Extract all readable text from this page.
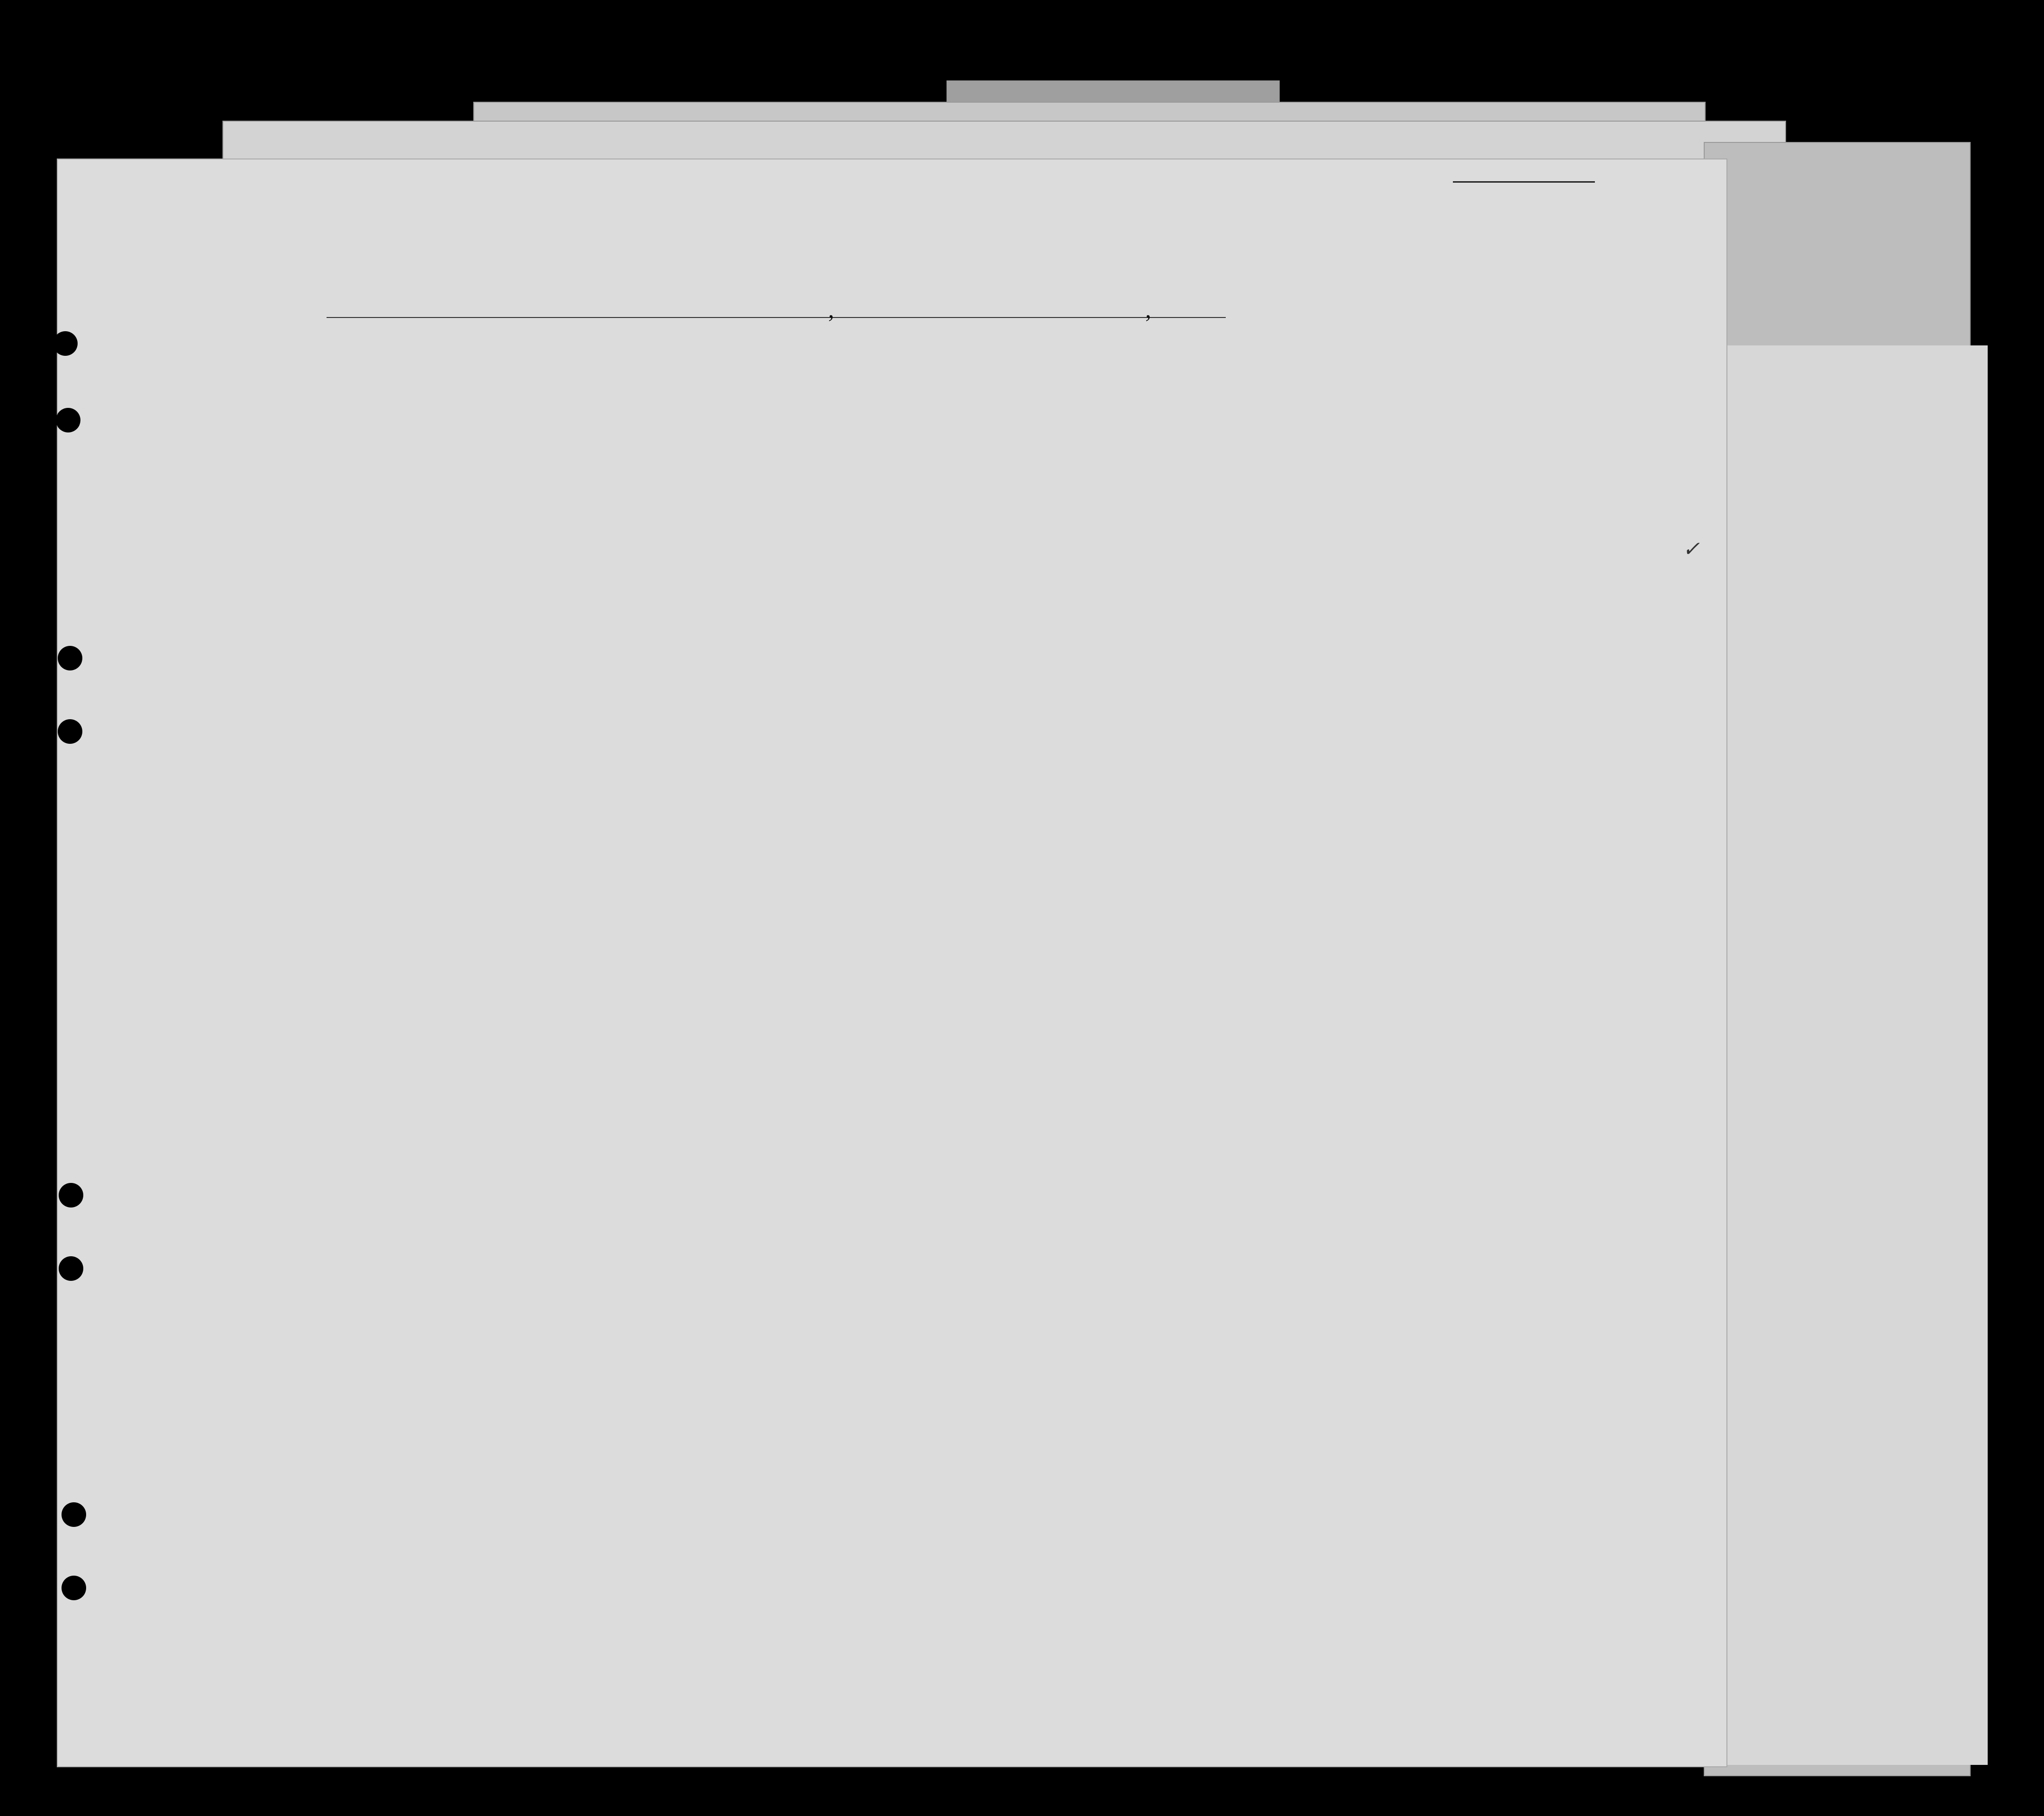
,	,
✓
